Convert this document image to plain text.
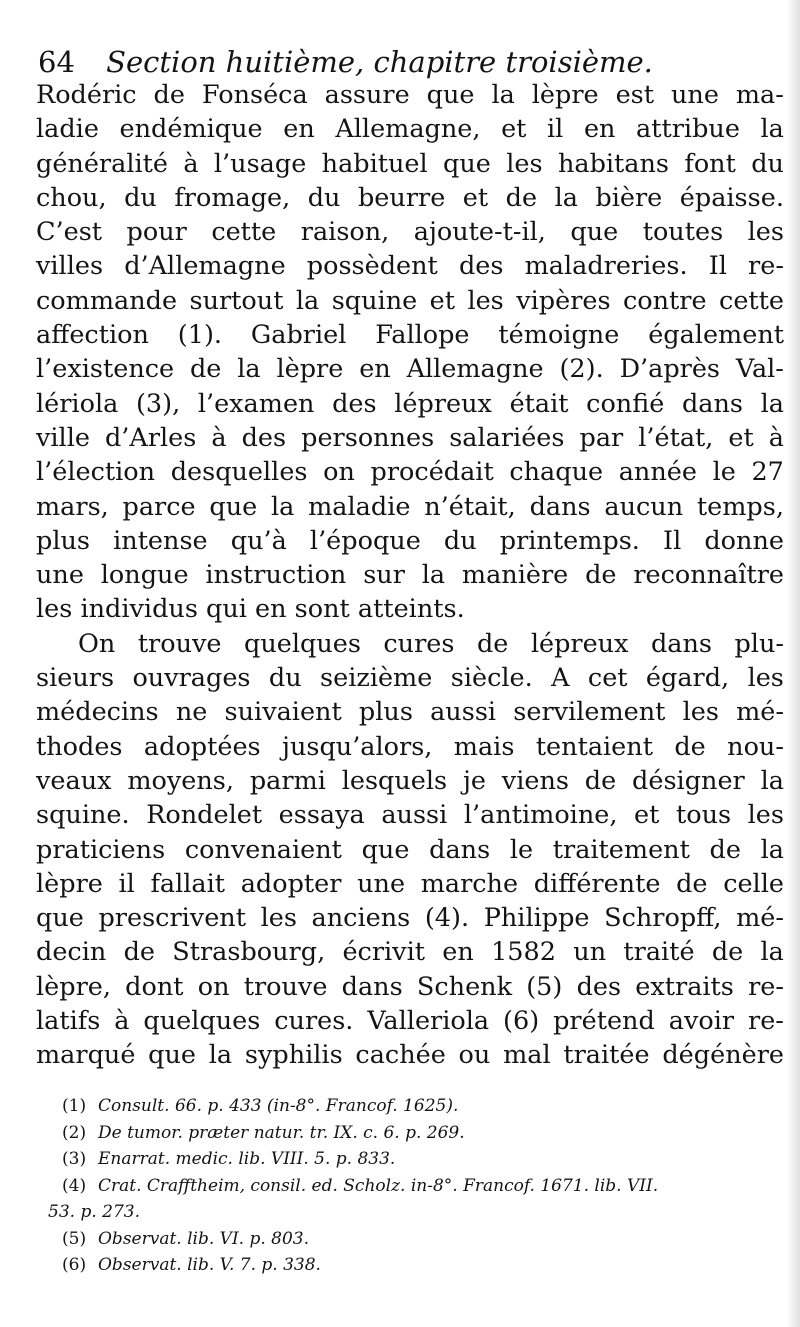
64 Section huitième, chapitre troisième.
Rodéric de Fonséca assure que la lèpre est une ma-
ladie endémique en Allemagne, et il en attribue la
généralité à l’usage habituel que les habitans font du
chou, du fromage, du beurre et de la bière épaisse.
C’est pour cette raison, ajoute-t-il, que toutes les
villes d’Allemagne possèdent des maladreries. Il re-
commande surtout la squine et les vipères contre cette
affection (1). Gabriel Fallope témoigne également
l’existence de la lèpre en Allemagne (2). D’après Val-
lériola (3), l’examen des lépreux était confié dans la
ville d’Arles à des personnes salariées par l’état, et à
l’élection desquelles on procédait chaque année le 27
mars, parce que la maladie n’était, dans aucun temps,
plus intense qu’à l’époque du printemps. Il donne
une longue instruction sur la manière de reconnaître
les individus qui en sont atteints.
On trouve quelques cures de lépreux dans plu-
sieurs ouvrages du seizième siècle. A cet égard, les
médecins ne suivaient plus aussi servilement les mé-
thodes adoptées jusqu’alors, mais tentaient de nou-
veaux moyens, parmi lesquels je viens de désigner la
squine. Rondelet essaya aussi l’antimoine, et tous les
praticiens convenaient que dans le traitement de la
lèpre il fallait adopter une marche différente de celle
que prescrivent les anciens (4). Philippe Schropff, mé-
decin de Strasbourg, écrivit en 1582 un traité de la
lèpre, dont on trouve dans Schenk (5) des extraits re-
latifs à quelques cures. Valleriola (6) prétend avoir re-
marqué que la syphilis cachée ou mal traitée dégénère
(1) Consult. 66. p. 433 (in-8°. Francof. 1625).
(2) De tumor. præter natur. tr. IX. c. 6. p. 269.
(3) Enarrat. medic. lib. VIII. 5. p. 833.
(4) Crat. Crafftheim, consil. ed. Scholz. in-8°. Francof. 1671. lib. VII.
53. p. 273.
(5) Observat. lib. VI. p. 803.
(6) Observat. lib. V. 7. p. 338.
